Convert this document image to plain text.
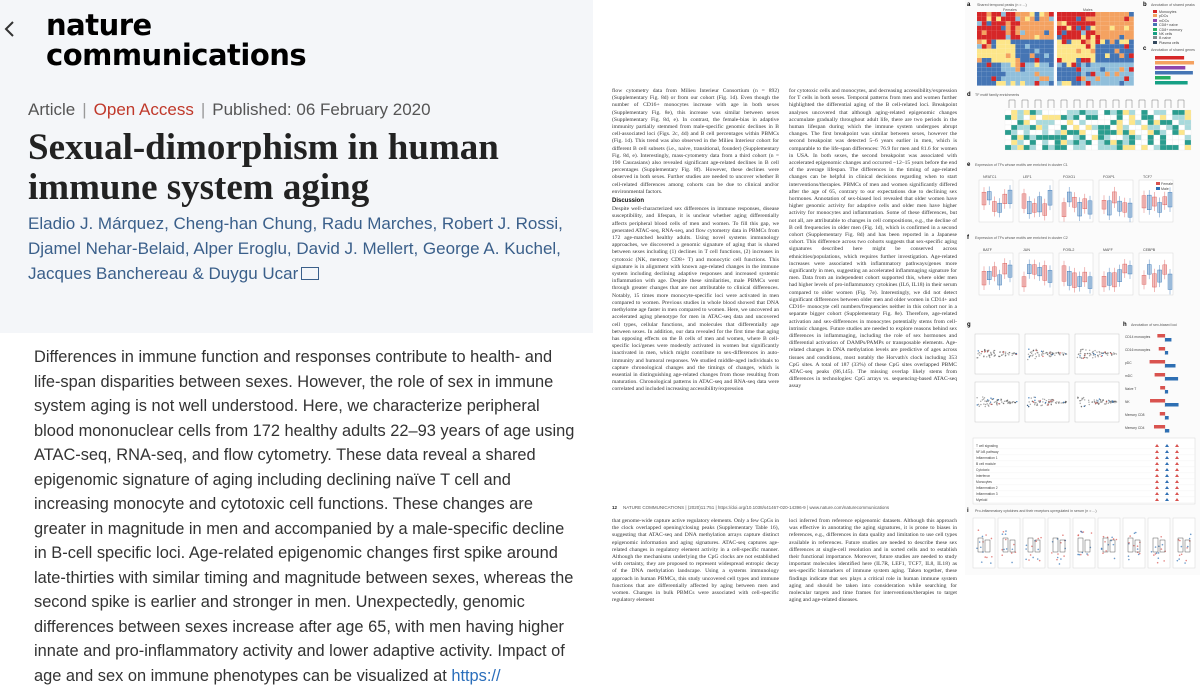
nature
communications
Article | Open Access | Published: 06 February 2020
Sexual-dimorphism in human immune system aging

Eladio J. Márquez, Cheng-han Chung, Radu Marches, Robert J. Rossi, Djamel Nehar-Belaid, Alper Eroglu, David J. Mellert, George A. Kuchel, Jacques Banchereau & Duygu Ucar

Differences in immune function and responses contribute to health- and life-span disparities between sexes. However, the role of sex in immune system aging is not well understood. Here, we characterize peripheral blood mononuclear cells from 172 healthy adults 22–93 years of age using ATAC-seq, RNA-seq, and flow cytometry. These data reveal a shared epigenomic signature of aging including declining naïve T cell and increasing monocyte and cytotoxic cell functions. These changes are greater in magnitude in men and accompanied by a male-specific decline in B-cell specific loci. Age-related epigenomic changes first spike around late-thirties with similar timing and magnitude between sexes, whereas the second spike is earlier and stronger in men. Unexpectedly, genomic differences between sexes increase after age 65, with men having higher innate and pro-inflammatory activity and lower adaptive activity. Impact of age and sex on immune phenotypes can be visualized at https://

flow cytometry data from Milieu Interieur Consortium (n = 892) (Supplementary Fig. 8d) or from our cohort (Fig. 1d). Even though the number of CD16+ monocytes increase with age in both sexes (Supplementary Fig. 8e), this increase was similar between sexes (Supplementary Fig. 8d, e). In contrast, the female-bias in adaptive immunity partially stemmed from male-specific genomic declines in B cell-associated loci (Figs. 2c, 4d) and B cell percentages within PBMCs (Fig. 1d). This trend was also observed in the Milieu Interieur cohort for different B cell subsets (i.e., naive, transitional, founder) (Supplementary Fig. 8d, e). Interestingly, mass-cytometry data from a third cohort (n = 190 Caucasians) also revealed significant age-related declines in B cell percentages (Supplementary Fig. 8f). However, these declines were observed in both sexes. Further studies are needed to uncover whether B cell-related differences among cohorts can be due to clinical and/or environmental factors.
Discussion
Despite well-characterized sex differences in immune responses, disease susceptibility, and lifespan, it is unclear whether aging differentially affects peripheral blood cells of men and women. To fill this gap, we generated ATAC-seq, RNA-seq, and flow cytometry data in PBMCs from 172 age-matched healthy adults. Using novel systems immunology approaches, we discovered a genomic signature of aging that is shared between sexes including (1) declines in T cell functions, (2) increases in cytotoxic (NK, memory CD8+ T) and monocytic cell functions. This signature is in alignment with known age-related changes in the immune system including declining adaptive responses and increased systemic inflammation with age. Despite these similarities, male PBMCs went through greater changes that are not attributable to clinical differences. Notably, 15 times more monocyte-specific loci were activated in men compared to women. Previous studies in whole blood showed that DNA methylome age faster in men compared to women. Here, we uncovered an accelerated aging phenotype for men in ATAC-seq data and uncovered cell types, cellular functions, and molecules that differentially age between sexes. In addition, our data revealed for the first time that aging has opposing effects on the B cells of men and women, where B cell-specific loci/genes were modestly activated in women but significantly inactivated in men, which might contribute to sex-differences in auto-immunity and humoral responses. We studied middle-aged individuals to capture chronological changes and the timings of changes, which is essential in distinguishing age-related changes from those resulting from maturation. Chronological patterns in ATAC-seq and RNA-seq data were correlated and included increasing accessibility/expression
for cytotoxic cells and monocytes, and decreasing accessibility/expression for T cells in both sexes. Temporal patterns from men and women further highlighted the differential aging of the B cell-related loci. Breakpoint analyses uncovered that although aging-related epigenomic changes accumulate gradually throughout adult life, there are two periods in the human lifespan during which the immune system undergoes abrupt changes. The first breakpoint was similar between sexes, however the second breakpoint was detected 5–6 years earlier in men, which is comparable to the life-span differences: 76.9 for men and 81.6 for women in USA. In both sexes, the second breakpoint was associated with accelerated epigenomic changes and occurred ~12–15 years before the end of the average lifespan. The differences in the timing of age-related changes can be helpful in clinical decisions regarding when to start interventions/therapies. PBMCs of men and women significantly differed after the age of 65, contrary to our expectations due to declining sex hormones. Annotation of sex-biased loci revealed that older women have higher genomic activity for adaptive cells and older men have higher activity for monocytes and inflammation. Some of these differences, but not all, are attributable to changes in cell compositions, e.g., the decline of B cell frequencies in older men (Fig. 1d), which is confirmed in a second cohort (Supplementary Fig. 8d) and has been reported in a Japanese cohort. This difference across two cohorts suggests that sex-specific aging signatures described here might be conserved across ethnicities/populations, which requires further investigation. Age-related increases were associated with inflammatory pathways/genes more significantly in men, suggesting an accelerated inflammaging signature for men. Data from an independent cohort supported this, where older men had higher levels of pro-inflammatory cytokines (IL6, IL18) in their serum compared to older women (Fig. 7e). Interestingly, we did not detect significant differences between older men and older women in CD14+ and CD16+ monocyte cell numbers/frequencies neither in this cohort nor in a separate bigger cohort (Supplementary Fig. 8e). Therefore, age-related activation and sex-differences in monocytes potentially stems from cell-intrinsic changes. Future studies are needed to explore reasons behind sex differences in inflammaging, including the role of sex hormones and differential activation of DAMPs/PAMPs or transposable elements. Age-related changes in DNA methylation levels are predictive of ages across tissues and conditions, most notably the Horvath's clock including 353 CpG sites. A total of 187 (33%) of these CpG sites overlapped PBMC ATAC-seq peaks (86,145). The missing overlap likely stems from differences in technologies: CpG arrays vs. sequencing-based ATAC-seq assay
that genome-wide capture active regulatory elements. Only a few CpGs in the clock overlapped opening/closing peaks (Supplementary Table 16), suggesting that ATAC-seq and DNA methylation arrays capture distinct epigenomic information and aging signatures. ATAC-seq captures age-related changes in regulatory element activity in a cell-specific manner. Although the mechanisms underlying the CpG clocks are not established with certainty, they are proposed to represent widespread entropic decay of the DNA methylation landscape. Using a systems immunology approach in human PBMCs, this study uncovered cell types and immune functions that are differentially affected by aging between men and women. Changes in bulk PBMCs were associated with cell-specific regulatory element
loci inferred from reference epigenomic datasets. Although this approach was effective in annotating the aging signatures, it is prone to biases in references, e.g., differences in data quality and limitation to use cell types available in references. Future studies are needed to describe these sex differences at single-cell resolution and in sorted cells and to establish their functional importance. Moreover, future studies are needed to study important molecules identified here (IL7R, LEF1, TCF7, IL8, IL18) as sex-specific biomarkers of immune system aging. Taken together, these findings indicate that sex plays a critical role in human immune system aging and should be taken into consideration while searching for molecular targets and time frames for interventions/therapies to target aging and age-related diseases.
12 NATURE COMMUNICATIONS | (2020)11:751 | https://doi.org/10.1038/s41467-020-14396-9 | www.nature.com/naturecommunications
a	b
c
d
e
f
g	h
i
Shared temporal peaks (n = ...)
Females	Males
Annotation of shared peaks
Annotation of shared genes
TF motif family enrichments
Expression of TFs whose motifs are enriched in cluster C1
Expression of TFs whose motifs are enriched in cluster C2
Annotation of sex-biased loci
Pro-inflammatory cytokines and their receptors upregulated in serum (n = ...)
Monocytes
pDCs
mDCs
CD8+ naive
CD8+ memory
NK cells
B naive
Plasma cells
NFATC1	LEF1	FOXO1	FOXP1	TCF7
BATF	JUN	FOSL2	MAFF	CEBPB
Female
Male
CD14 monocytes
CD16 monocytes
pDC
mDC
Naive T
NK
Memory CD8
Memory CD4
T cell signaling
NF-kB pathway
Inflammation 1
B cell module
Cytotoxic
Interferon
Monocytes
Inflammation 2
Inflammation 3
Myeloid
